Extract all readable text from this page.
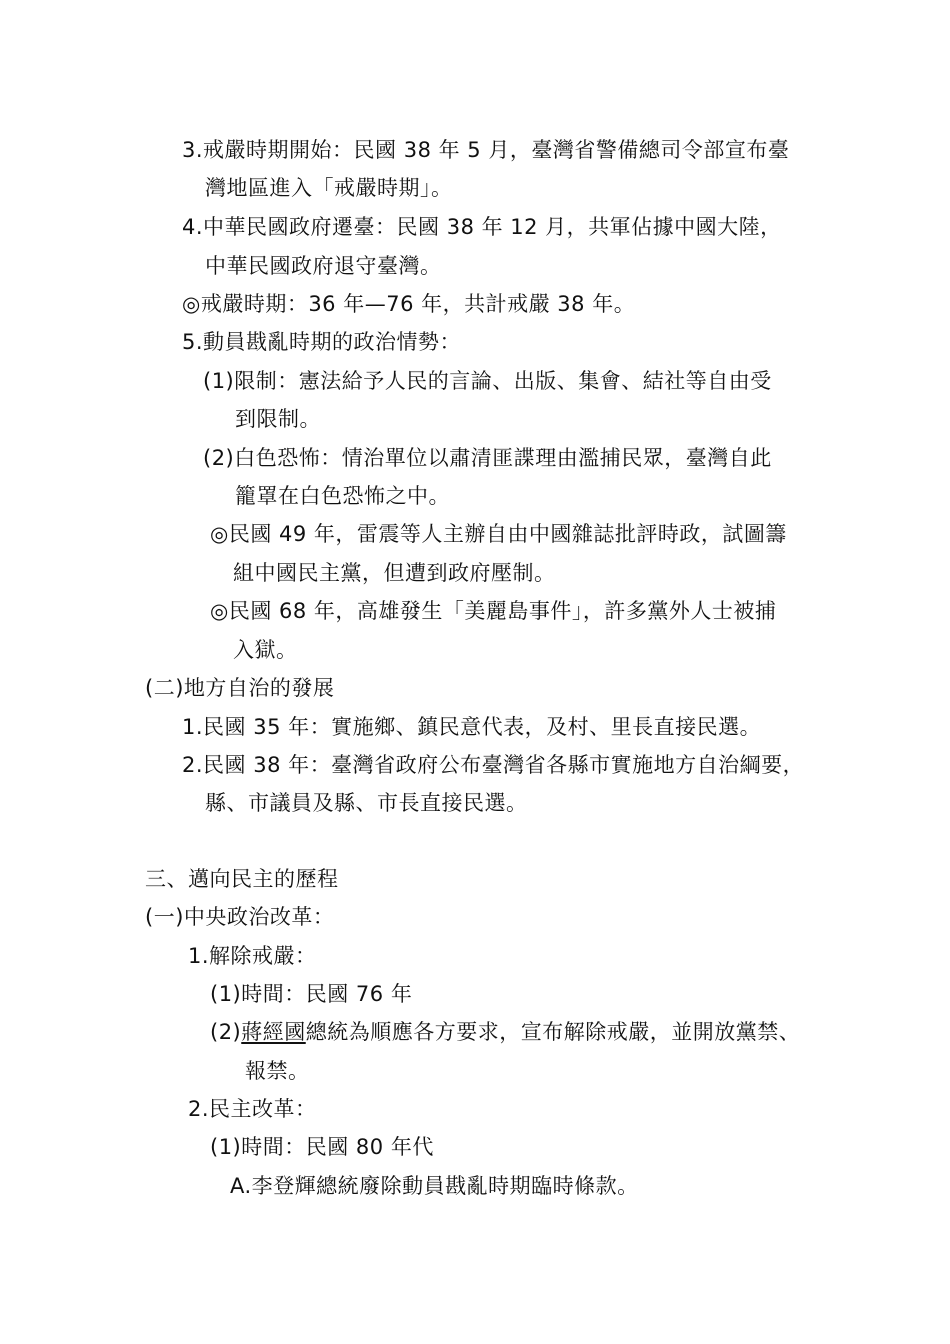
3.戒嚴時期開始：民國 38 年 5 月，臺灣省警備總司令部宣布臺
灣地區進入「戒嚴時期」。
4.中華民國政府遷臺：民國 38 年 12 月，共軍佔據中國大陸，
中華民國政府退守臺灣。
◎戒嚴時期：36 年—76 年，共計戒嚴 38 年。
5.動員戡亂時期的政治情勢：
(1)限制：憲法給予人民的言論、出版、集會、結社等自由受
到限制。
(2)白色恐怖：情治單位以肅清匪諜理由濫捕民眾，臺灣自此
籠罩在白色恐怖之中。
◎民國 49 年，雷震等人主辦自由中國雜誌批評時政，試圖籌
組中國民主黨，但遭到政府壓制。
◎民國 68 年，高雄發生「美麗島事件」，許多黨外人士被捕
入獄。
(二)地方自治的發展
1.民國 35 年：實施鄉、鎮民意代表，及村、里長直接民選。
2.民國 38 年：臺灣省政府公布臺灣省各縣市實施地方自治綱要，
縣、市議員及縣、市長直接民選。
三、邁向民主的歷程
(一)中央政治改革：
1.解除戒嚴：
(1)時間：民國 76 年
(2)蔣經國總統為順應各方要求，宣布解除戒嚴，並開放黨禁、
報禁。
2.民主改革：
(1)時間：民國 80 年代
A.李登輝總統廢除動員戡亂時期臨時條款。
